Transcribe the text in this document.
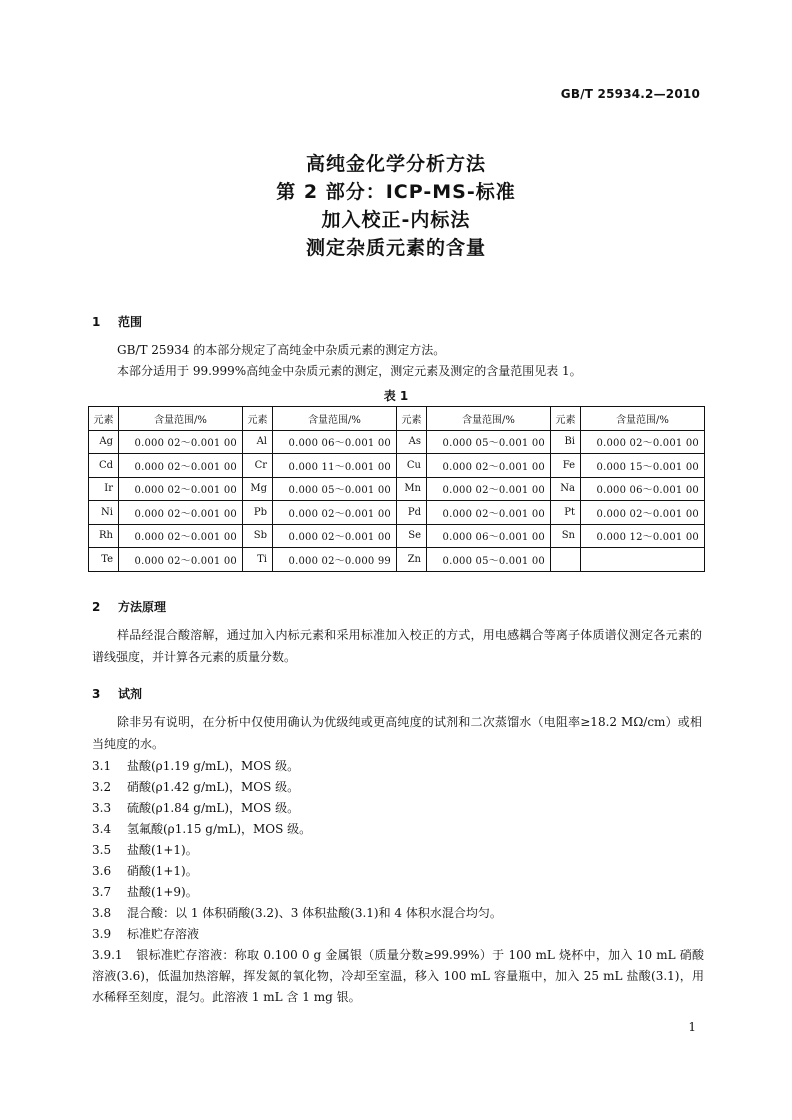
GB/T 25934.2—2010
高纯金化学分析方法
第 2 部分：ICP-MS-标准
加入校正-内标法
测定杂质元素的含量
1 范围
GB/T 25934 的本部分规定了高纯金中杂质元素的测定方法。
本部分适用于 99.999%高纯金中杂质元素的测定，测定元素及测定的含量范围见表 1。
表 1
元素	含量范围/%	元素	含量范围/%	元素	含量范围/%	元素	含量范围/%
Ag	0.000 02～0.001 00	Al	0.000 06～0.001 00	As	0.000 05～0.001 00	Bi	0.000 02～0.001 00
Cd	0.000 02～0.001 00	Cr	0.000 11～0.001 00	Cu	0.000 02～0.001 00	Fe	0.000 15～0.001 00
Ir	0.000 02～0.001 00	Mg	0.000 05～0.001 00	Mn	0.000 02～0.001 00	Na	0.000 06～0.001 00
Ni	0.000 02～0.001 00	Pb	0.000 02～0.001 00	Pd	0.000 02～0.001 00	Pt	0.000 02～0.001 00
Rh	0.000 02～0.001 00	Sb	0.000 02～0.001 00	Se	0.000 06～0.001 00	Sn	0.000 12～0.001 00
Te	0.000 02～0.001 00	Ti	0.000 02～0.000 99	Zn	0.000 05～0.001 00		
2 方法原理
样品经混合酸溶解，通过加入内标元素和采用标准加入校正的方式，用电感耦合等离子体质谱仪测定各元素的谱线强度，并计算各元素的质量分数。
3 试剂
除非另有说明，在分析中仅使用确认为优级纯或更高纯度的试剂和二次蒸馏水（电阻率≥18.2 MΩ/cm）或相当纯度的水。
3.1 盐酸(ρ1.19 g/mL)，MOS 级。
3.2 硝酸(ρ1.42 g/mL)，MOS 级。
3.3 硫酸(ρ1.84 g/mL)，MOS 级。
3.4 氢氟酸(ρ1.15 g/mL)，MOS 级。
3.5 盐酸(1+1)。
3.6 硝酸(1+1)。
3.7 盐酸(1+9)。
3.8 混合酸：以 1 体积硝酸(3.2)、3 体积盐酸(3.1)和 4 体积水混合均匀。
3.9 标准贮存溶液
3.9.1 银标准贮存溶液：称取 0.100 0 g 金属银（质量分数≥99.99%）于 100 mL 烧杯中，加入 10 mL 硝酸溶液(3.6)，低温加热溶解，挥发氮的氧化物，冷却至室温，移入 100 mL 容量瓶中，加入 25 mL 盐酸(3.1)，用水稀释至刻度，混匀。此溶液 1 mL 含 1 mg 银。
1
